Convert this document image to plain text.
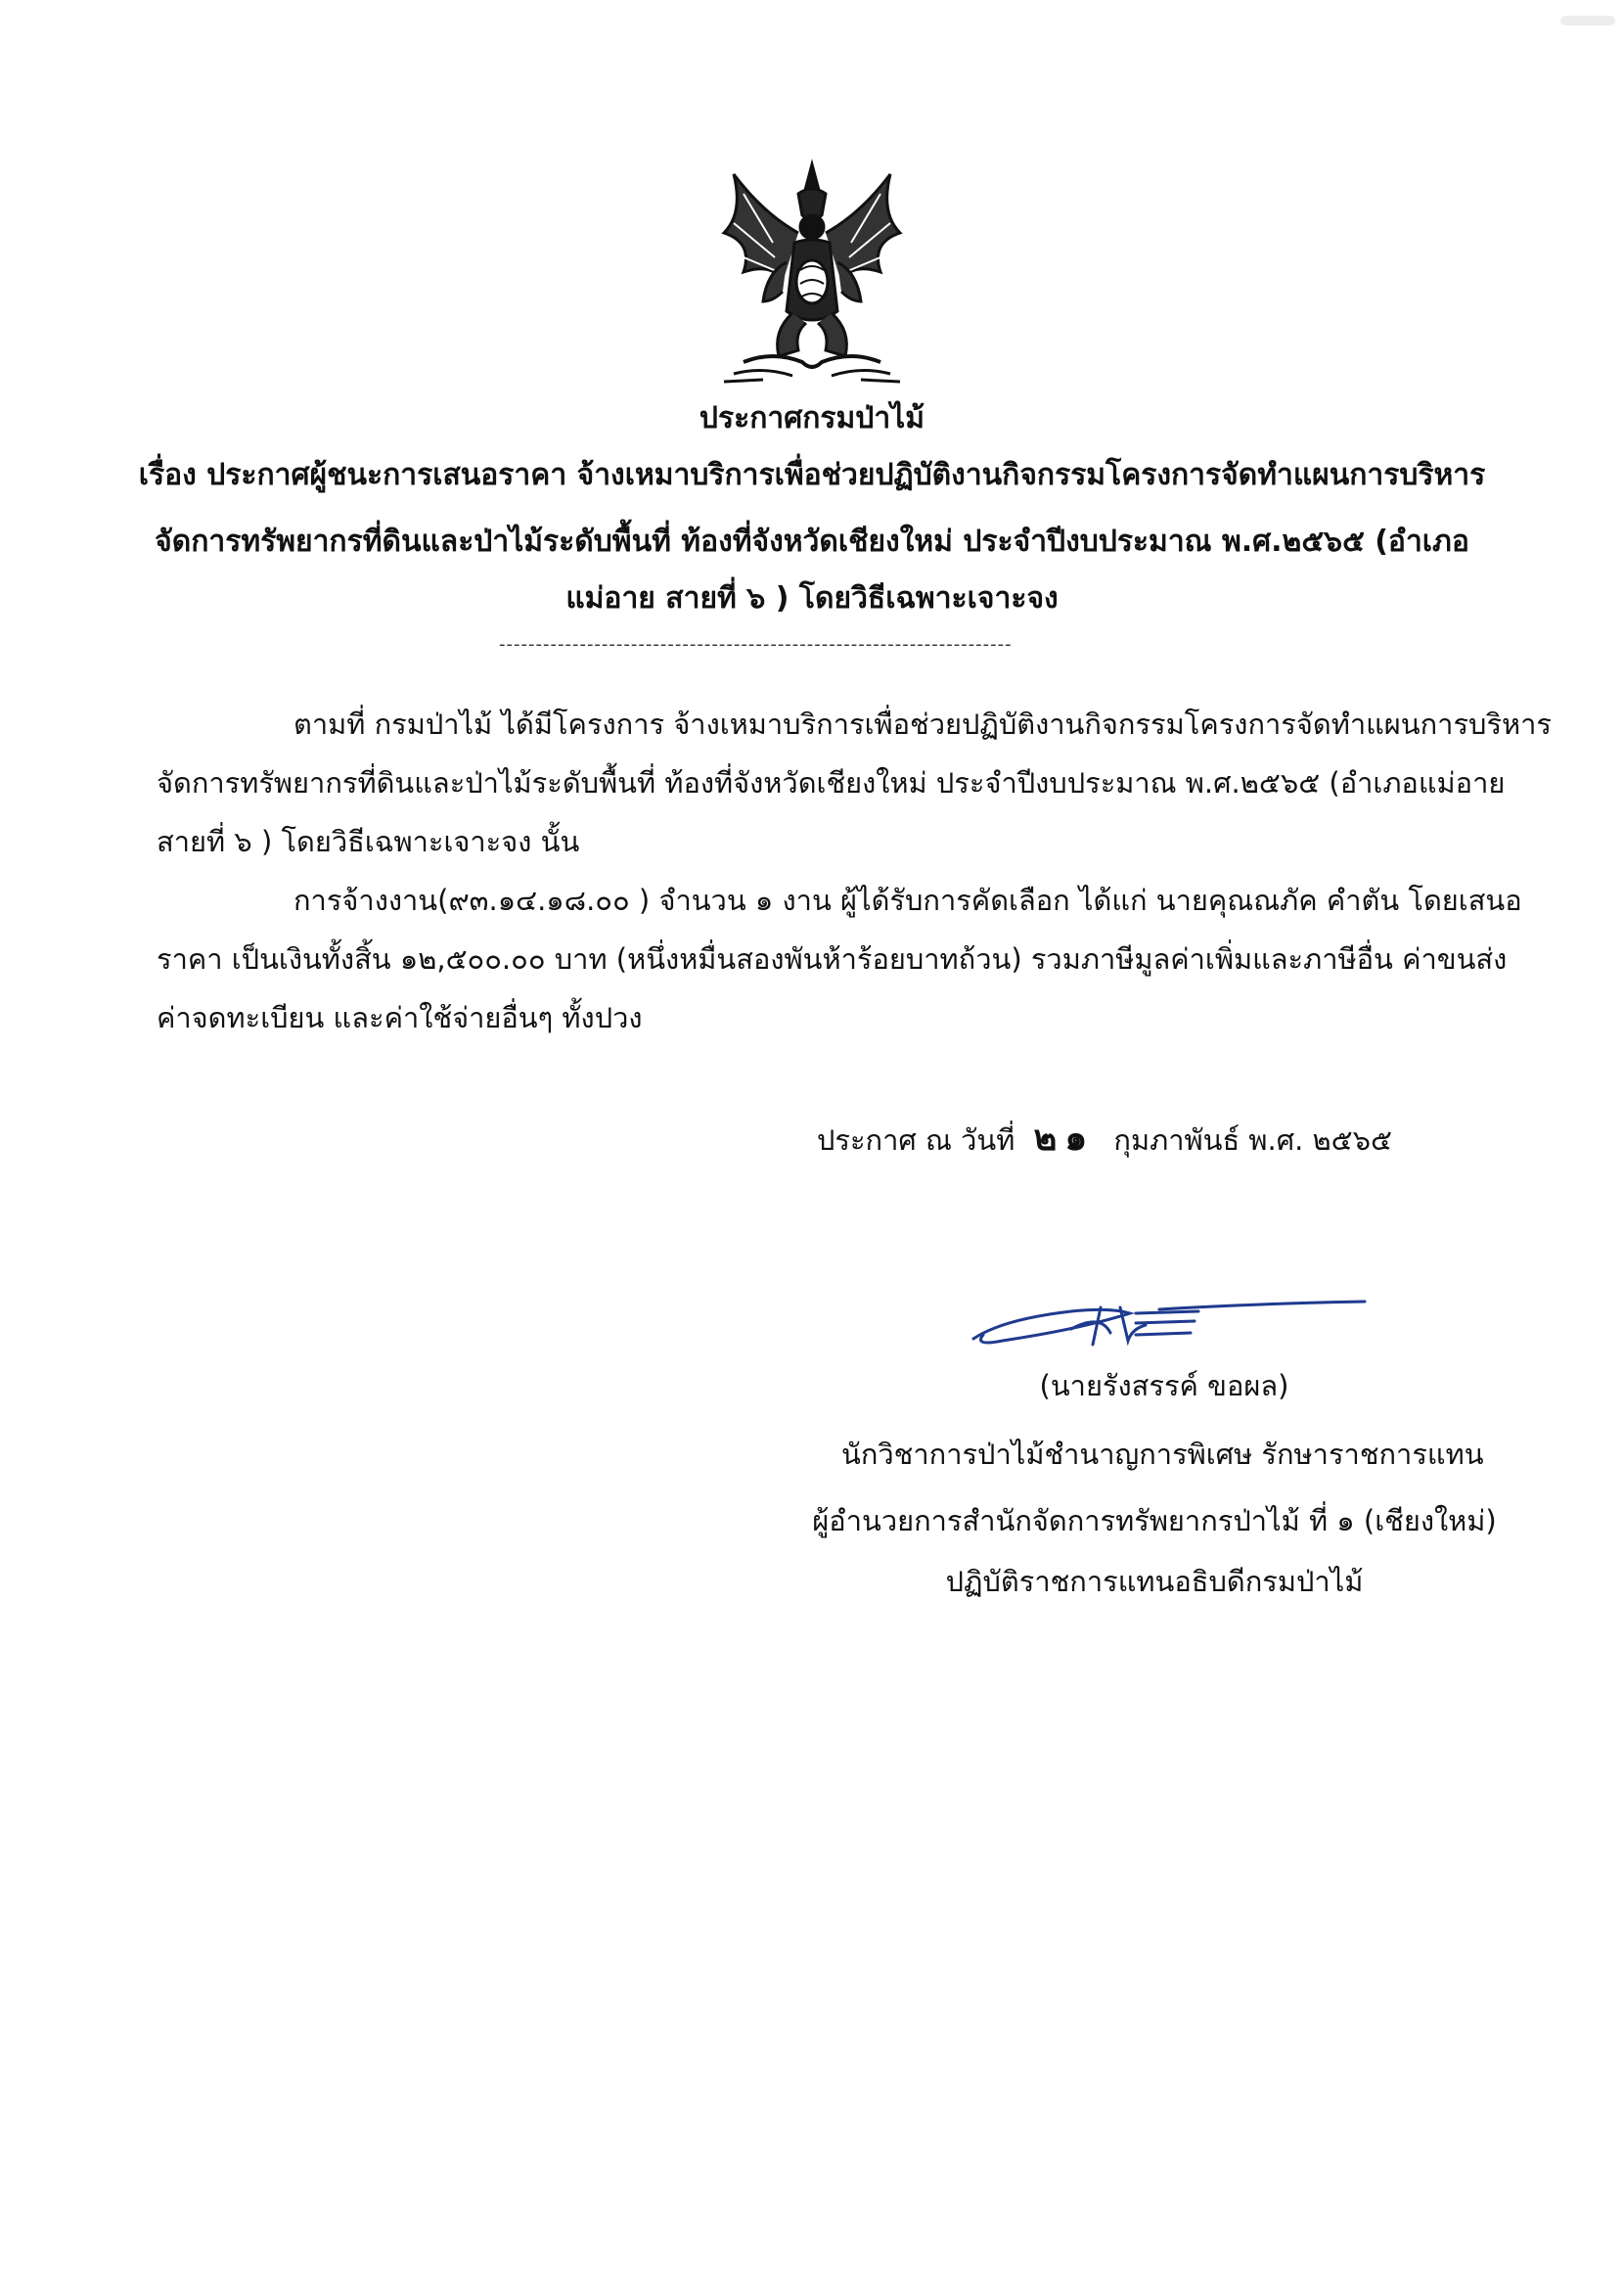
ประกาศกรมป่าไม้
เรื่อง ประกาศผู้ชนะการเสนอราคา จ้างเหมาบริการเพื่อช่วยปฏิบัติงานกิจกรรมโครงการจัดทำแผนการบริหาร
จัดการทรัพยากรที่ดินและป่าไม้ระดับพื้นที่ ท้องที่จังหวัดเชียงใหม่ ประจำปีงบประมาณ พ.ศ.๒๕๖๕ (อำเภอ
แม่อาย สายที่ ๖ ) โดยวิธีเฉพาะเจาะจง
----------------------------------------------------------------------
ตามที่ กรมป่าไม้ ได้มีโครงการ จ้างเหมาบริการเพื่อช่วยปฏิบัติงานกิจกรรมโครงการจัดทำแผนการบริหาร
จัดการทรัพยากรที่ดินและป่าไม้ระดับพื้นที่ ท้องที่จังหวัดเชียงใหม่ ประจำปีงบประมาณ พ.ศ.๒๕๖๕ (อำเภอแม่อาย
สายที่ ๖ ) โดยวิธีเฉพาะเจาะจง นั้น
การจ้างงาน(๙๓.๑๔.๑๘.๐๐ ) จำนวน ๑ งาน ผู้ได้รับการคัดเลือก ได้แก่ นายคุณณภัค คำตัน โดยเสนอ
ราคา เป็นเงินทั้งสิ้น ๑๒,๕๐๐.๐๐ บาท (หนึ่งหมื่นสองพันห้าร้อยบาทถ้วน) รวมภาษีมูลค่าเพิ่มและภาษีอื่น ค่าขนส่ง
ค่าจดทะเบียน และค่าใช้จ่ายอื่นๆ ทั้งปวง
ประกาศ ณ วันที่ ๒๑ กุมภาพันธ์ พ.ศ. ๒๕๖๕
(นายรังสรรค์ ขอผล)
นักวิชาการป่าไม้ชำนาญการพิเศษ รักษาราชการแทน
ผู้อำนวยการสำนักจัดการทรัพยากรป่าไม้ ที่ ๑ (เชียงใหม่)
ปฏิบัติราชการแทนอธิบดีกรมป่าไม้
